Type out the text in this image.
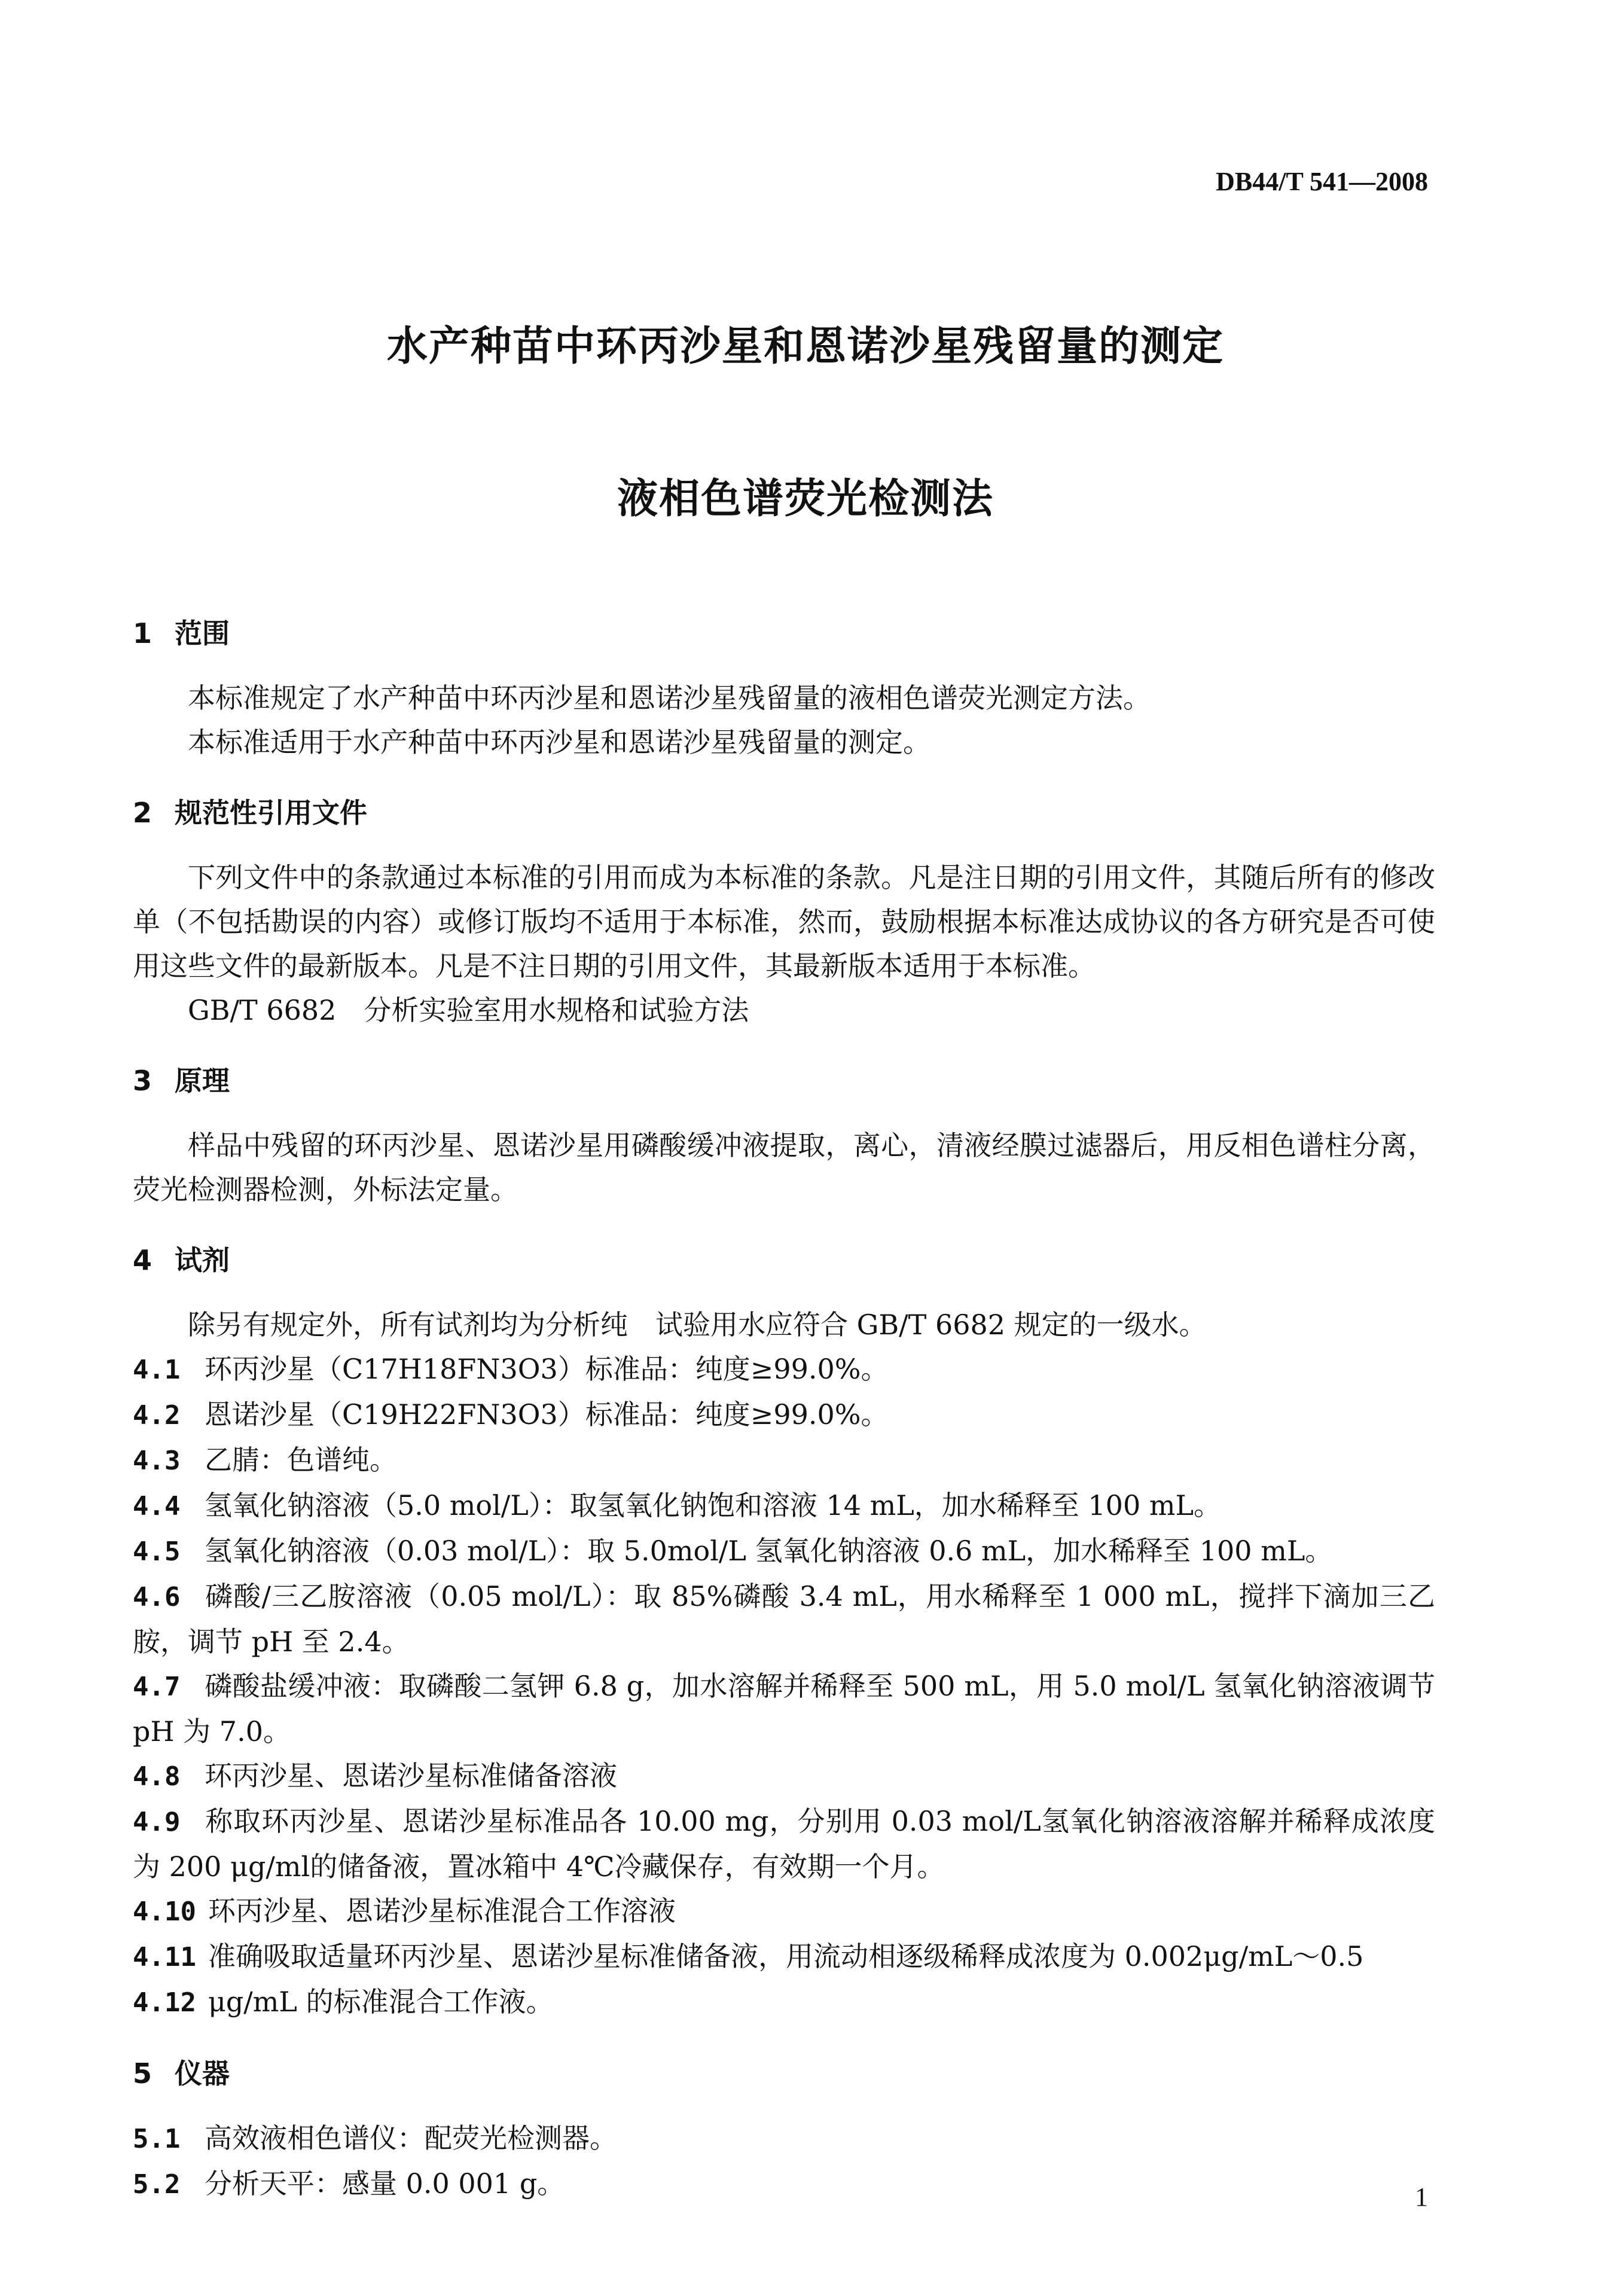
DB44/T 541—2008
水产种苗中环丙沙星和恩诺沙星残留量的测定
液相色谱荧光检测法
1 范围
本标准规定了水产种苗中环丙沙星和恩诺沙星残留量的液相色谱荧光测定方法。
本标准适用于水产种苗中环丙沙星和恩诺沙星残留量的测定。
2 规范性引用文件
下列文件中的条款通过本标准的引用而成为本标准的条款。凡是注日期的引用文件，其随后所有的修改单（不包括勘误的内容）或修订版均不适用于本标准，然而，鼓励根据本标准达成协议的各方研究是否可使用这些文件的最新版本。凡是不注日期的引用文件，其最新版本适用于本标准。
GB/T 6682　分析实验室用水规格和试验方法
3 原理
样品中残留的环丙沙星、恩诺沙星用磷酸缓冲液提取，离心，清液经膜过滤器后，用反相色谱柱分离，荧光检测器检测，外标法定量。
4 试剂
除另有规定外，所有试剂均为分析纯　试验用水应符合 GB/T 6682 规定的一级水。
4.1 环丙沙星（C17H18FN3O3）标准品：纯度≥99.0%。
4.2 恩诺沙星（C19H22FN3O3）标准品：纯度≥99.0%。
4.3 乙腈：色谱纯。
4.4 氢氧化钠溶液（5.0 mol/L）：取氢氧化钠饱和溶液 14 mL，加水稀释至 100 mL。
4.5 氢氧化钠溶液（0.03 mol/L）：取 5.0mol/L 氢氧化钠溶液 0.6 mL，加水稀释至 100 mL。
4.6 磷酸/三乙胺溶液（0.05 mol/L）：取 85%磷酸 3.4 mL，用水稀释至 1 000 mL，搅拌下滴加三乙胺，调节 pH 至 2.4。
4.7 磷酸盐缓冲液：取磷酸二氢钾 6.8 g，加水溶解并稀释至 500 mL，用 5.0 mol/L 氢氧化钠溶液调节 pH 为 7.0。
4.8 环丙沙星、恩诺沙星标准储备溶液
4.9 称取环丙沙星、恩诺沙星标准品各 10.00 mg，分别用 0.03 mol/L氢氧化钠溶液溶解并稀释成浓度为 200 μg/ml的储备液，置冰箱中 4℃冷藏保存，有效期一个月。
4.10 环丙沙星、恩诺沙星标准混合工作溶液
4.11 准确吸取适量环丙沙星、恩诺沙星标准储备液，用流动相逐级稀释成浓度为 0.002μg/mL～0.5
4.12 μg/mL 的标准混合工作液。
5 仪器
5.1 高效液相色谱仪：配荧光检测器。
5.2 分析天平：感量 0.0 001 g。	1
